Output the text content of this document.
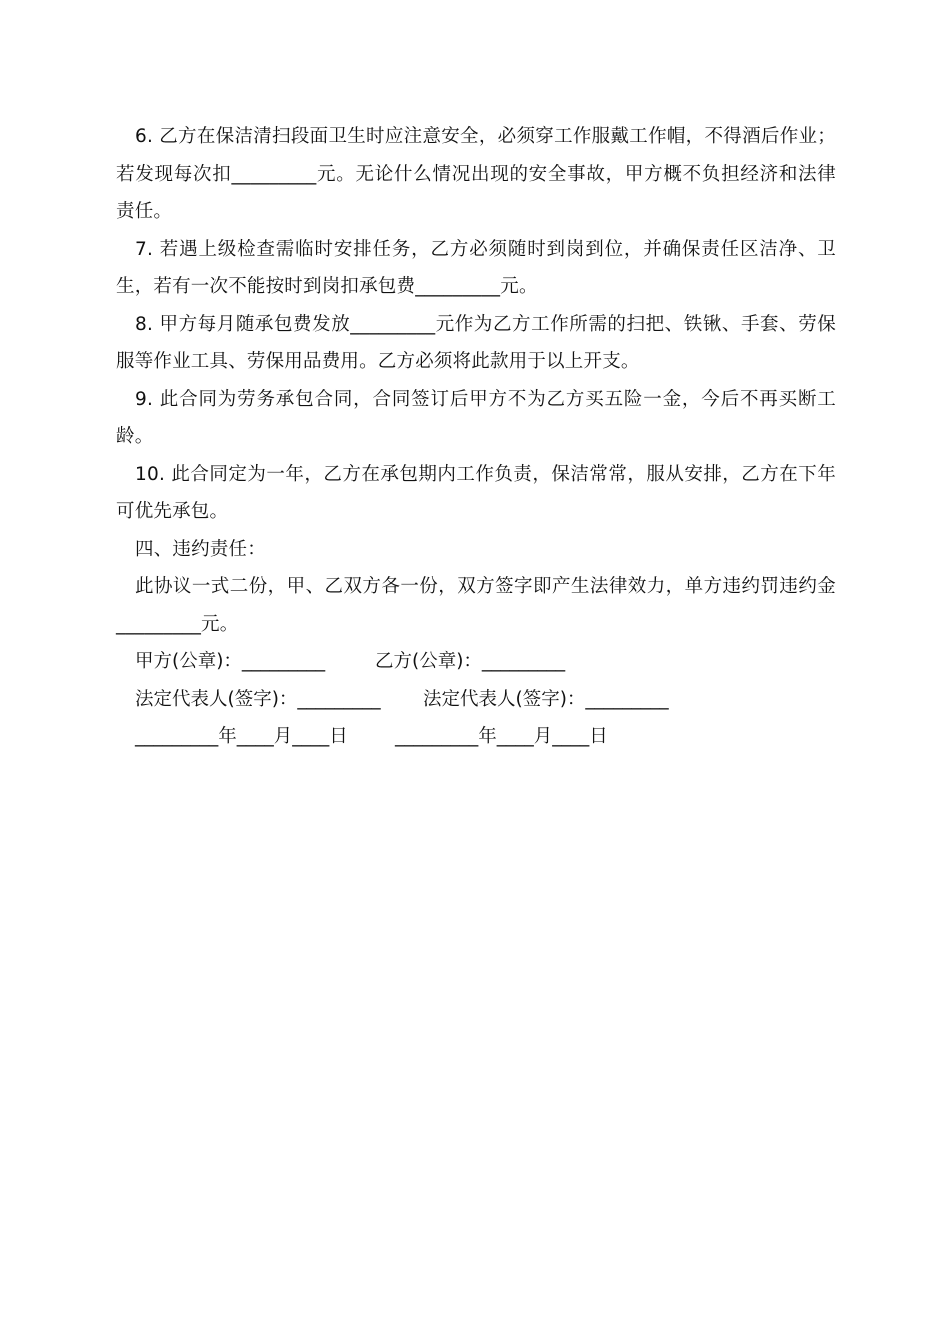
6. 乙方在保洁清扫段面卫生时应注意安全，必须穿工作服戴工作帽，不得酒后作业；若发现每次扣_________元。无论什么情况出现的安全事故，甲方概不负担经济和法律责任。

7. 若遇上级检查需临时安排任务，乙方必须随时到岗到位，并确保责任区洁净、卫生，若有一次不能按时到岗扣承包费_________元。

8. 甲方每月随承包费发放_________元作为乙方工作所需的扫把、铁锹、手套、劳保服等作业工具、劳保用品费用。乙方必须将此款用于以上开支。

9. 此合同为劳务承包合同，合同签订后甲方不为乙方买五险一金，今后不再买断工龄。

10. 此合同定为一年，乙方在承包期内工作负责，保洁常常，服从安排，乙方在下年可优先承包。

四、违约责任：

此协议一式二份，甲、乙双方各一份，双方签字即产生法律效力，单方违约罚违约金_________元。

甲方(公章)：_________	乙方(公章)：_________
法定代表人(签字)：_________ 法定代表人(签字)：_________
_________年____月____日	_________年____月____日
